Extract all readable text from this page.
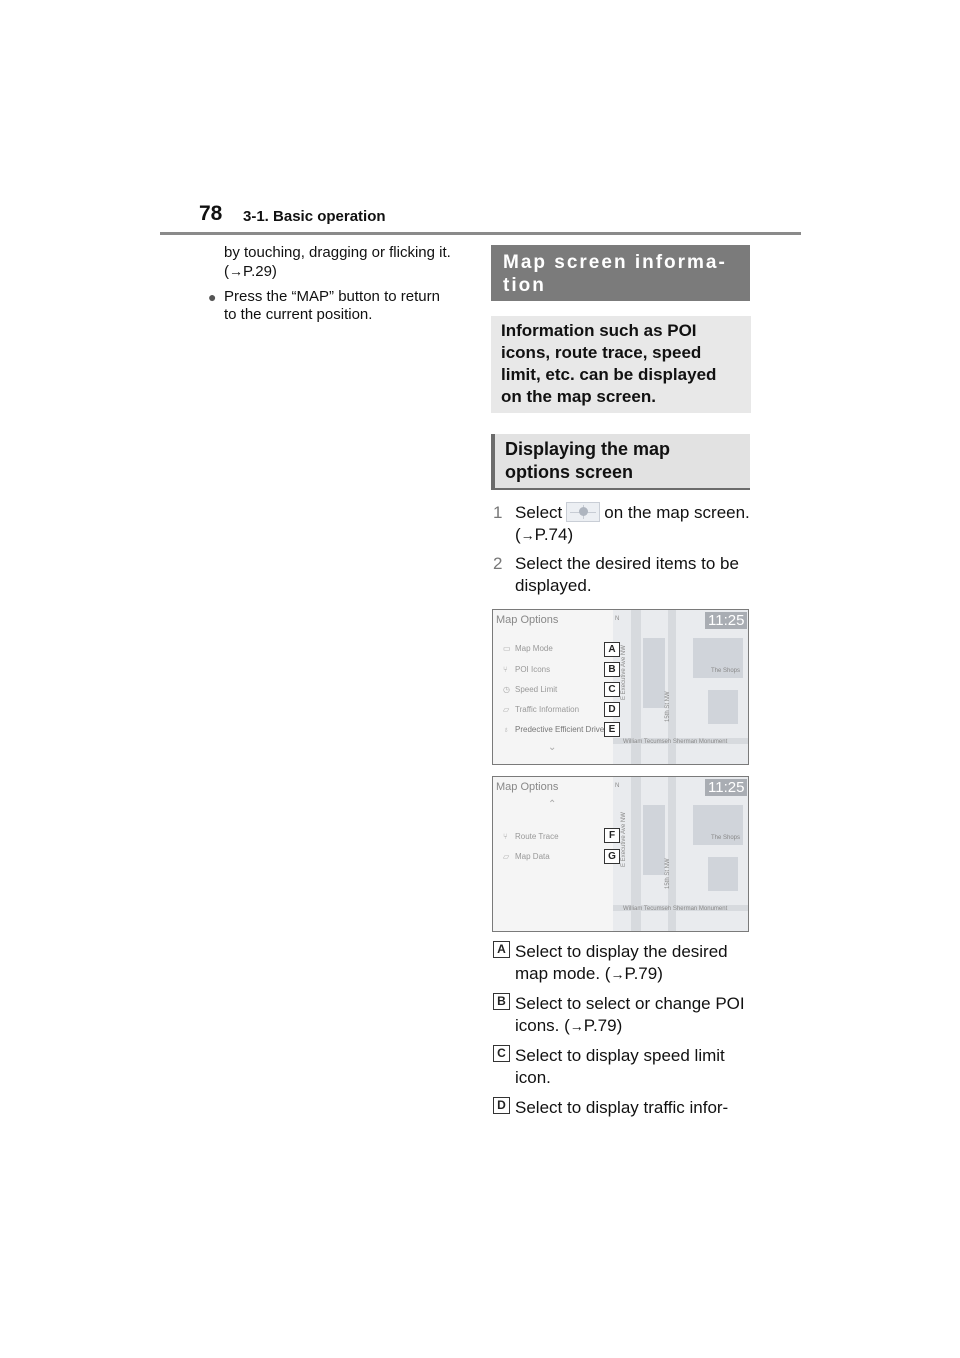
78 3-1. Basic operation

by touching, dragging or flicking it.
(→P.29)

● Press the “MAP” button to return
to the current position.
Map screen informa-tion
Information such as POI icons, route trace, speed limit, etc. can be displayed on the map screen.
Displaying the map options screen
1 Select on the map screen. (→P.74)
2 Select the desired items to be displayed.
E Executive Ave NW
15th St NW
The Shops
William Tecumseh Sherman Monument
N
Map Options	11:25
▭ Map Mode
⑂ POI Icons
◷ Speed Limit
▱ Traffic Information
♁ Predective Efficient Drive
⌄
A
B
C
D
E
E Executive Ave NW
15th St NW
The Shops
William Tecumseh Sherman Monument
N
Map Options	11:25
⌃
⑂ Route Trace
▱ Map Data
F
G
A Select to display the desired map mode. (→P.79)
B Select to select or change POI icons. (→P.79)
C Select to display speed limit icon.
D Select to display traffic infor-
